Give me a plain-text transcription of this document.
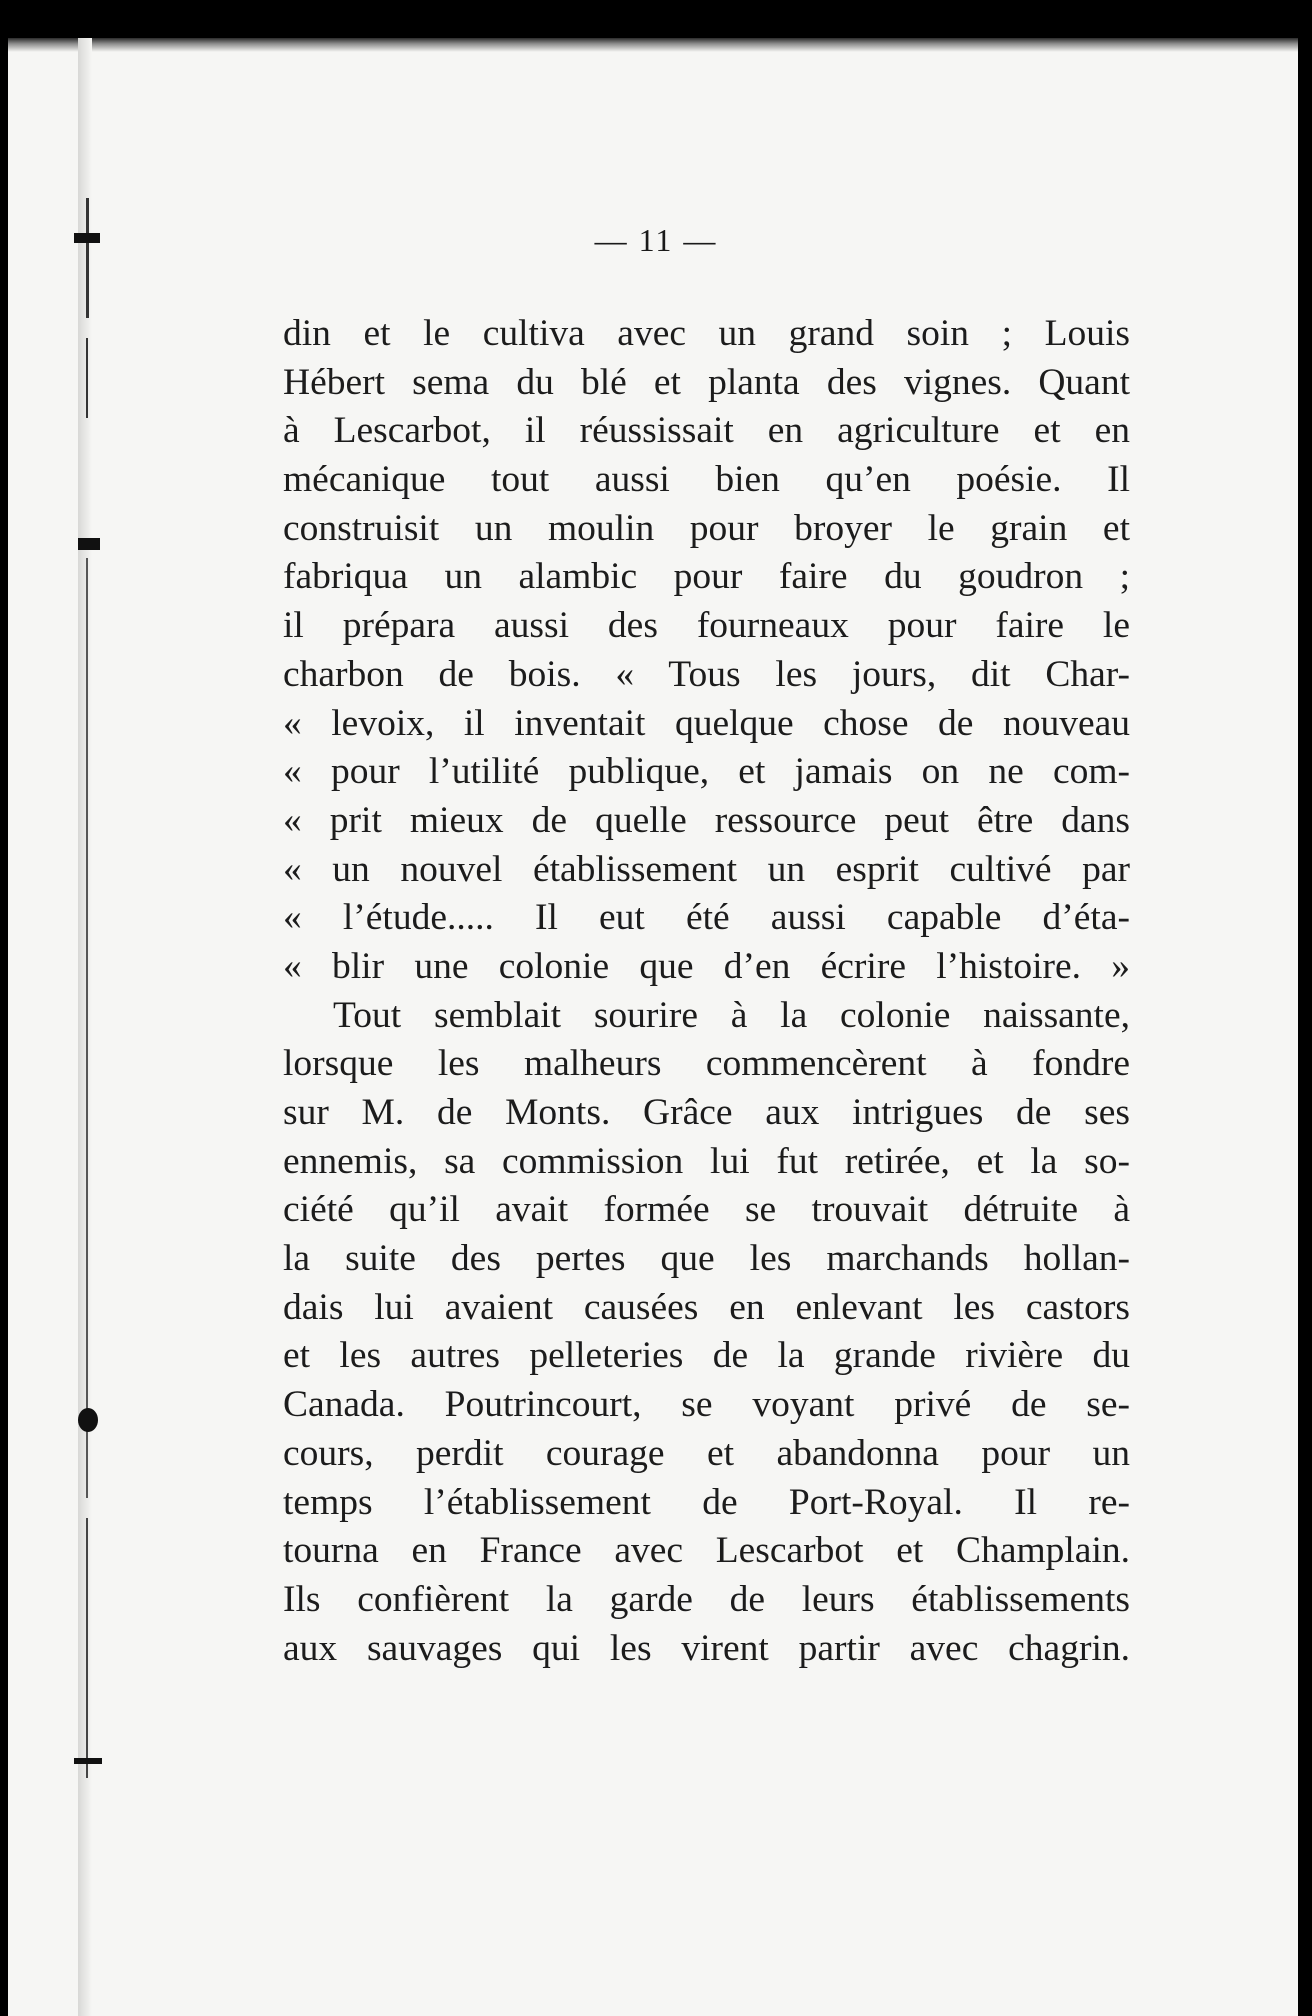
— 11 —
din et le cultiva avec un grand soin ; Louis
Hébert sema du blé et planta des vignes. Quant
à Lescarbot, il réussissait en agriculture et en
mécanique tout aussi bien qu’en poésie. Il
construisit un moulin pour broyer le grain et
fabriqua un alambic pour faire du goudron ;
il prépara aussi des fourneaux pour faire le
charbon de bois. « Tous les jours, dit Char-
« levoix, il inventait quelque chose de nouveau
« pour l’utilité publique, et jamais on ne com-
« prit mieux de quelle ressource peut être dans
« un nouvel établissement un esprit cultivé par
« l’étude..... Il eut été aussi capable d’éta-
« blir une colonie que d’en écrire l’histoire. »
Tout semblait sourire à la colonie naissante,
lorsque les malheurs commencèrent à fondre
sur M. de Monts. Grâce aux intrigues de ses
ennemis, sa commission lui fut retirée, et la so-
ciété qu’il avait formée se trouvait détruite à
la suite des pertes que les marchands hollan-
dais lui avaient causées en enlevant les castors
et les autres pelleteries de la grande rivière du
Canada. Poutrincourt, se voyant privé de se-
cours, perdit courage et abandonna pour un
temps l’établissement de Port-Royal. Il re-
tourna en France avec Lescarbot et Champlain.
Ils confièrent la garde de leurs établissements
aux sauvages qui les virent partir avec chagrin.
